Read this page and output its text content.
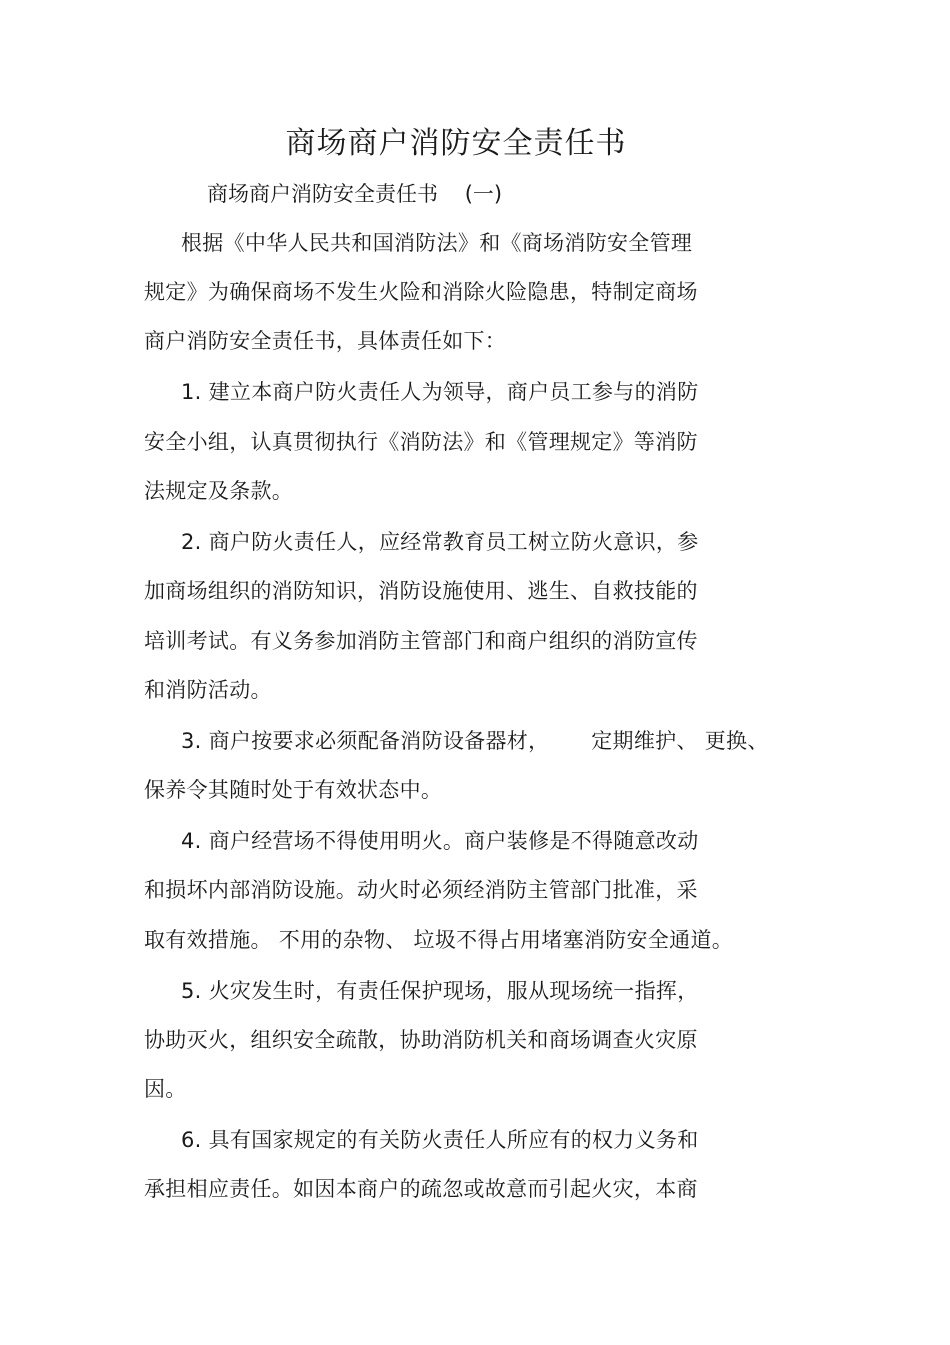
商场商户消防安全责任书
商场商户消防安全责任书    (一)
根据《中华人民共和国消防法》和《商场消防安全管理
规定》为确保商场不发生火险和消除火险隐患，特制定商场
商户消防安全责任书，具体责任如下：
1. 建立本商户防火责任人为领导，商户员工参与的消防
安全小组，认真贯彻执行《消防法》和《管理规定》等消防
法规定及条款。
2. 商户防火责任人，应经常教育员工树立防火意识，参
加商场组织的消防知识，消防设施使用、逃生、自救技能的
培训考试。有义务参加消防主管部门和商户组织的消防宣传
和消防活动。
3. 商户按要求必须配备消防设备器材，      定期维护、 更换、
保养令其随时处于有效状态中。
4. 商户经营场不得使用明火。商户装修是不得随意改动
和损坏内部消防设施。动火时必须经消防主管部门批准，采
取有效措施。 不用的杂物、 垃圾不得占用堵塞消防安全通道。
5. 火灾发生时，有责任保护现场，服从现场统一指挥，
协助灭火，组织安全疏散，协助消防机关和商场调查火灾原
因。
6. 具有国家规定的有关防火责任人所应有的权力义务和
承担相应责任。如因本商户的疏忽或故意而引起火灾，本商
